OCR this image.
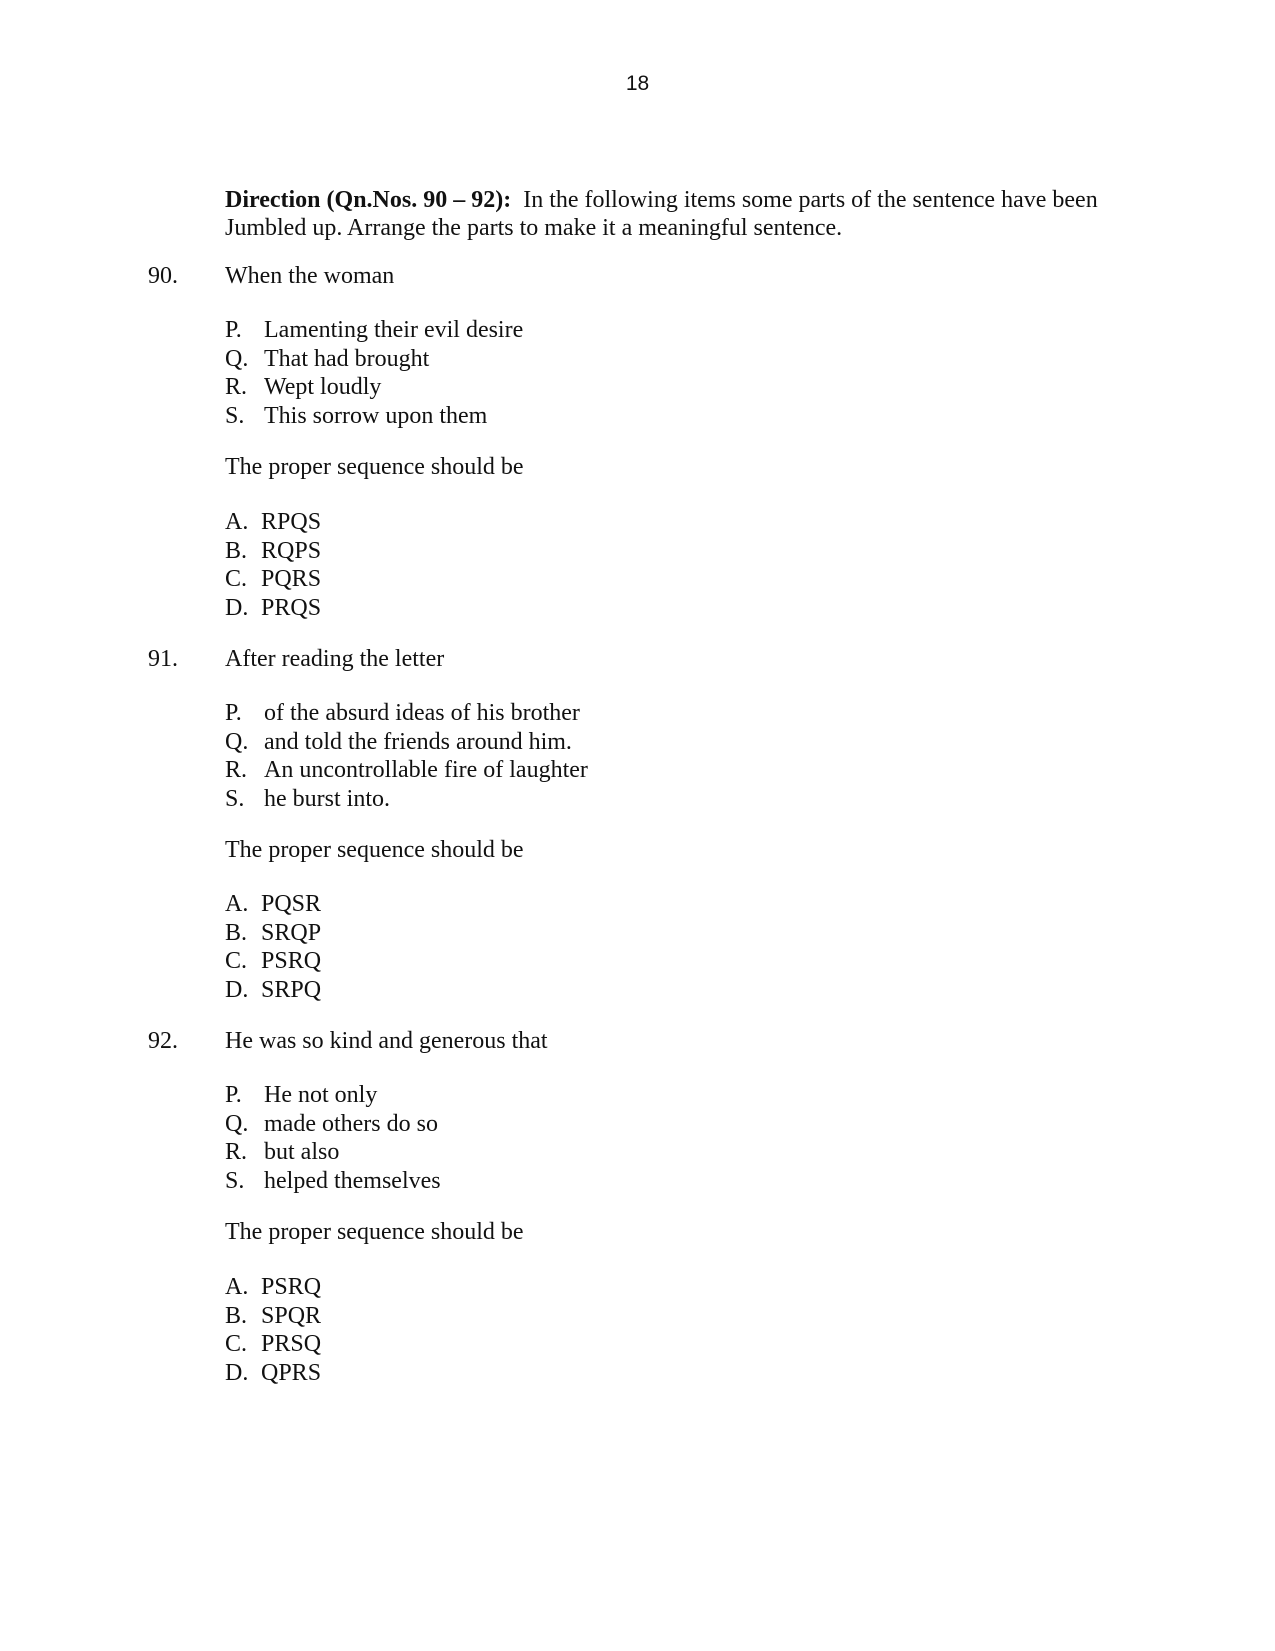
18
Direction (Qn.Nos. 90 – 92): In the following items some parts of the sentence have been Jumbled up. Arrange the parts to make it a meaningful sentence.
90. When the woman
P. Lamenting their evil desire
Q. That had brought
R. Wept loudly
S. This sorrow upon them
The proper sequence should be
A. RPQS
B. RQPS
C. PQRS
D. PRQS
91. After reading the letter
P. of the absurd ideas of his brother
Q. and told the friends around him.
R. An uncontrollable fire of laughter
S. he burst into.
The proper sequence should be
A. PQSR
B. SRQP
C. PSRQ
D. SRPQ
92. He was so kind and generous that
P. He not only
Q. made others do so
R. but also
S. helped themselves
The proper sequence should be
A. PSRQ
B. SPQR
C. PRSQ
D. QPRS
